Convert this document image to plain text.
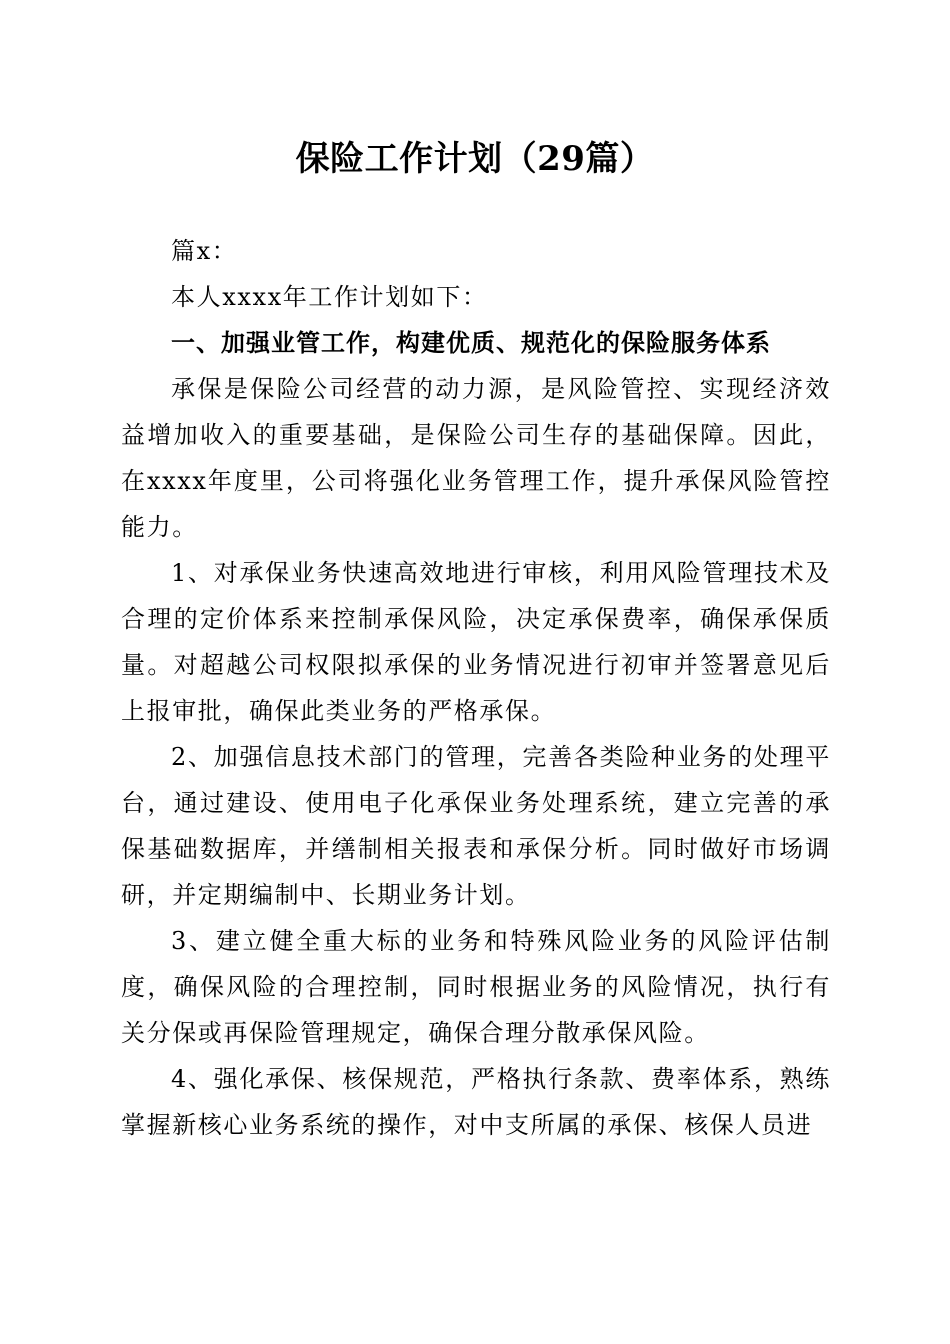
保险工作计划（29篇）

篇x：

本人xxxx年工作计划如下：

一、加强业管工作，构建优质、规范化的保险服务体系

承保是保险公司经营的动力源，是风险管控、实现经济效益增加收入的重要基础，是保险公司生存的基础保障。因此，在xxxx年度里，公司将强化业务管理工作，提升承保风险管控能力。

1、对承保业务快速高效地进行审核，利用风险管理技术及合理的定价体系来控制承保风险，决定承保费率，确保承保质量。对超越公司权限拟承保的业务情况进行初审并签署意见后上报审批，确保此类业务的严格承保。

2、加强信息技术部门的管理，完善各类险种业务的处理平台，通过建设、使用电子化承保业务处理系统，建立完善的承保基础数据库，并缮制相关报表和承保分析。同时做好市场调研，并定期编制中、长期业务计划。

3、建立健全重大标的业务和特殊风险业务的风险评估制度，确保风险的合理控制，同时根据业务的风险情况，执行有关分保或再保险管理规定，确保合理分散承保风险。

4、强化承保、核保规范，严格执行条款、费率体系，熟练掌握新核心业务系统的操作，对中支所属的承保、核保人员进
